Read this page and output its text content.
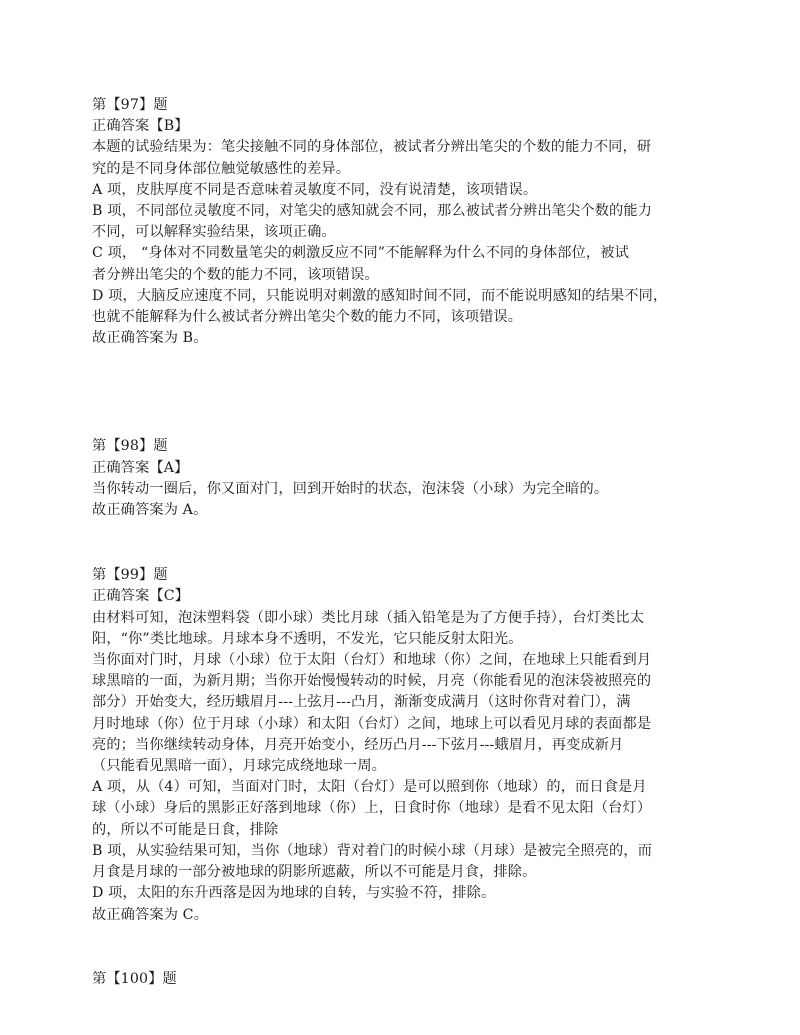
第【97】题
正确答案【B】
本题的试验结果为：笔尖接触不同的身体部位，被试者分辨出笔尖的个数的能力不同，研
究的是不同身体部位触觉敏感性的差异。
A 项，皮肤厚度不同是否意味着灵敏度不同，没有说清楚，该项错误。
B 项，不同部位灵敏度不同，对笔尖的感知就会不同，那么被试者分辨出笔尖个数的能力
不同，可以解释实验结果，该项正确。
C 项， “身体对不同数量笔尖的刺激反应不同”不能解释为什么不同的身体部位，被试
者分辨出笔尖的个数的能力不同，该项错误。
D 项，大脑反应速度不同，只能说明对刺激的感知时间不同，而不能说明感知的结果不同，
也就不能解释为什么被试者分辨出笔尖个数的能力不同，该项错误。
故正确答案为 B。
第【98】题
正确答案【A】
当你转动一圈后，你又面对门，回到开始时的状态，泡沫袋（小球）为完全暗的。
故正确答案为 A。
第【99】题
正确答案【C】
由材料可知，泡沫塑料袋（即小球）类比月球（插入铅笔是为了方便手持），台灯类比太
阳，“你”类比地球。月球本身不透明，不发光，它只能反射太阳光。
当你面对门时，月球（小球）位于太阳（台灯）和地球（你）之间，在地球上只能看到月
球黑暗的一面，为新月期；当你开始慢慢转动的时候，月亮（你能看见的泡沫袋被照亮的
部分）开始变大，经历蛾眉月---上弦月---凸月，渐渐变成满月（这时你背对着门），满
月时地球（你）位于月球（小球）和太阳（台灯）之间，地球上可以看见月球的表面都是
亮的；当你继续转动身体，月亮开始变小，经历凸月---下弦月---蛾眉月，再变成新月
（只能看见黑暗一面），月球完成绕地球一周。
A 项，从（4）可知，当面对门时，太阳（台灯）是可以照到你（地球）的，而日食是月
球（小球）身后的黑影正好落到地球（你）上，日食时你（地球）是看不见太阳（台灯）
的，所以不可能是日食，排除
B 项，从实验结果可知，当你（地球）背对着门的时候小球（月球）是被完全照亮的，而
月食是月球的一部分被地球的阴影所遮蔽，所以不可能是月食，排除。
D 项，太阳的东升西落是因为地球的自转，与实验不符，排除。
故正确答案为 C。
第【100】题
